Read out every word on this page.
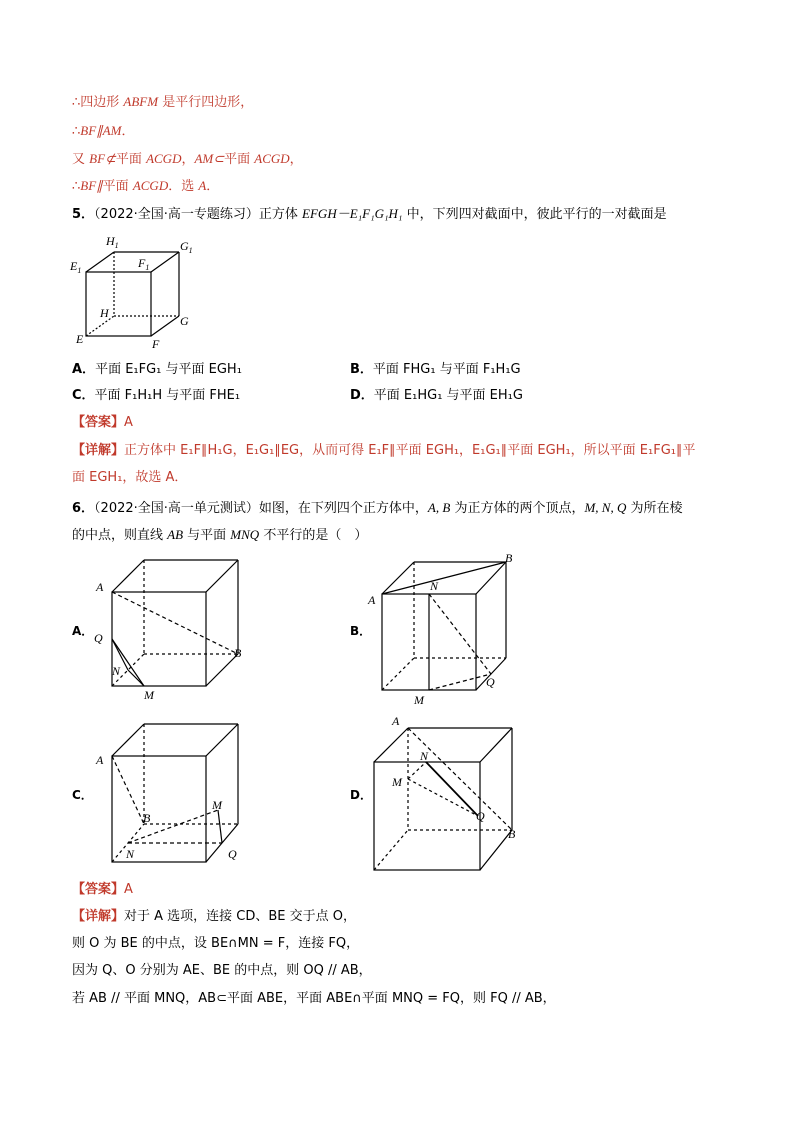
∴四边形 ABFM 是平行四边形，
∴BF∥AM．
又 BF⊄平面 ACGD，AM⊂平面 ACGD，
∴BF∥平面 ACGD．选 A．
5．（2022·全国·高一专题练习）正方体 EFGH－E₁F₁G₁H₁ 中，下列四对截面中，彼此平行的一对截面是
$H_1$	$G_1$
$E_1$
$F_1$
H
G
E	F
A．平面 E₁FG₁ 与平面 EGH₁	B．平面 FHG₁ 与平面 F₁H₁G
C．平面 F₁H₁H 与平面 FHE₁	D．平面 E₁HG₁ 与平面 EH₁G
【答案】A
【详解】正方体中 E₁F∥H₁G，E₁G₁∥EG，从而可得 E₁F∥平面 EGH₁，E₁G₁∥平面 EGH₁，所以平面 E₁FG₁∥平
面 EGH₁，故选 A．
6．（2022·全国·高一单元测试）如图，在下列四个正方体中，A, B 为正方体的两个顶点，M, N, Q 为所在棱
的中点，则直线 AB 与平面 MNQ 不平行的是（　）
A．
A
Q
N
M
B
B．
A
N
B
Q
M
C．
A
B
M
N	Q
D．
A
N
M
Q
B
【答案】A
【详解】对于 A 选项，连接 CD、BE 交于点 O，
则 O 为 BE 的中点，设 BE∩MN = F，连接 FQ，
因为 Q、O 分别为 AE、BE 的中点，则 OQ // AB，
若 AB // 平面 MNQ，AB⊂平面 ABE，平面 ABE∩平面 MNQ = FQ，则 FQ // AB，
